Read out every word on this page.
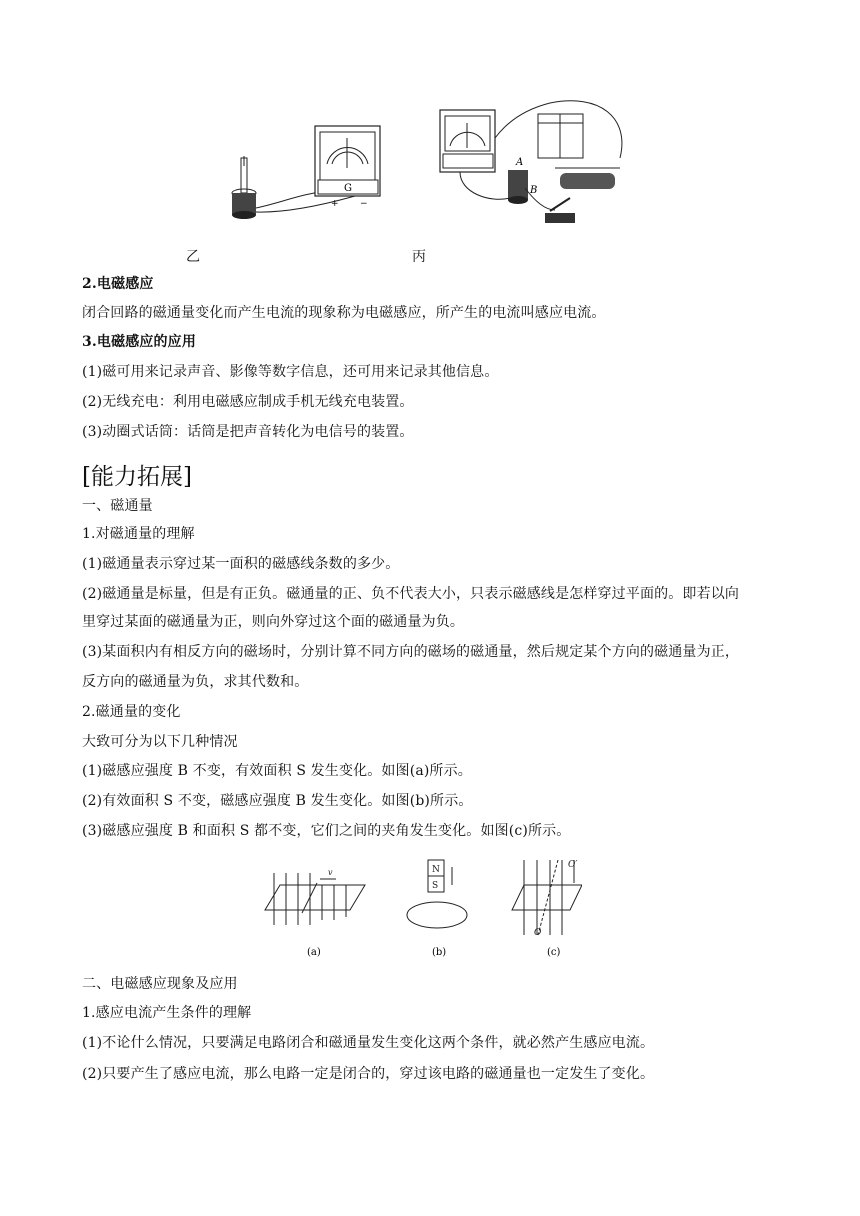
G
+ −
A
B
乙	丙
2.电磁感应
闭合回路的磁通量变化而产生电流的现象称为电磁感应，所产生的电流叫感应电流。
3.电磁感应的应用
(1)磁可用来记录声音、影像等数字信息，还可用来记录其他信息。
(2)无线充电：利用电磁感应制成手机无线充电装置。
(3)动圈式话筒：话筒是把声音转化为电信号的装置。
[能力拓展]
一、磁通量
1.对磁通量的理解
(1)磁通量表示穿过某一面积的磁感线条数的多少。
(2)磁通量是标量，但是有正负。磁通量的正、负不代表大小，只表示磁感线是怎样穿过平面的。即若以向
里穿过某面的磁通量为正，则向外穿过这个面的磁通量为负。
(3)某面积内有相反方向的磁场时，分别计算不同方向的磁场的磁通量，然后规定某个方向的磁通量为正，
反方向的磁通量为负，求其代数和。
2.磁通量的变化
大致可分为以下几种情况
(1)磁感应强度 B 不变，有效面积 S 发生变化。如图(a)所示。
(2)有效面积 S 不变，磁感应强度 B 发生变化。如图(b)所示。
(3)磁感应强度 B 和面积 S 都不变，它们之间的夹角发生变化。如图(c)所示。
v	N
S
O
O′
(a)	(b)	(c)
二、电磁感应现象及应用
1.感应电流产生条件的理解
(1)不论什么情况，只要满足电路闭合和磁通量发生变化这两个条件，就必然产生感应电流。
(2)只要产生了感应电流，那么电路一定是闭合的，穿过该电路的磁通量也一定发生了变化。
